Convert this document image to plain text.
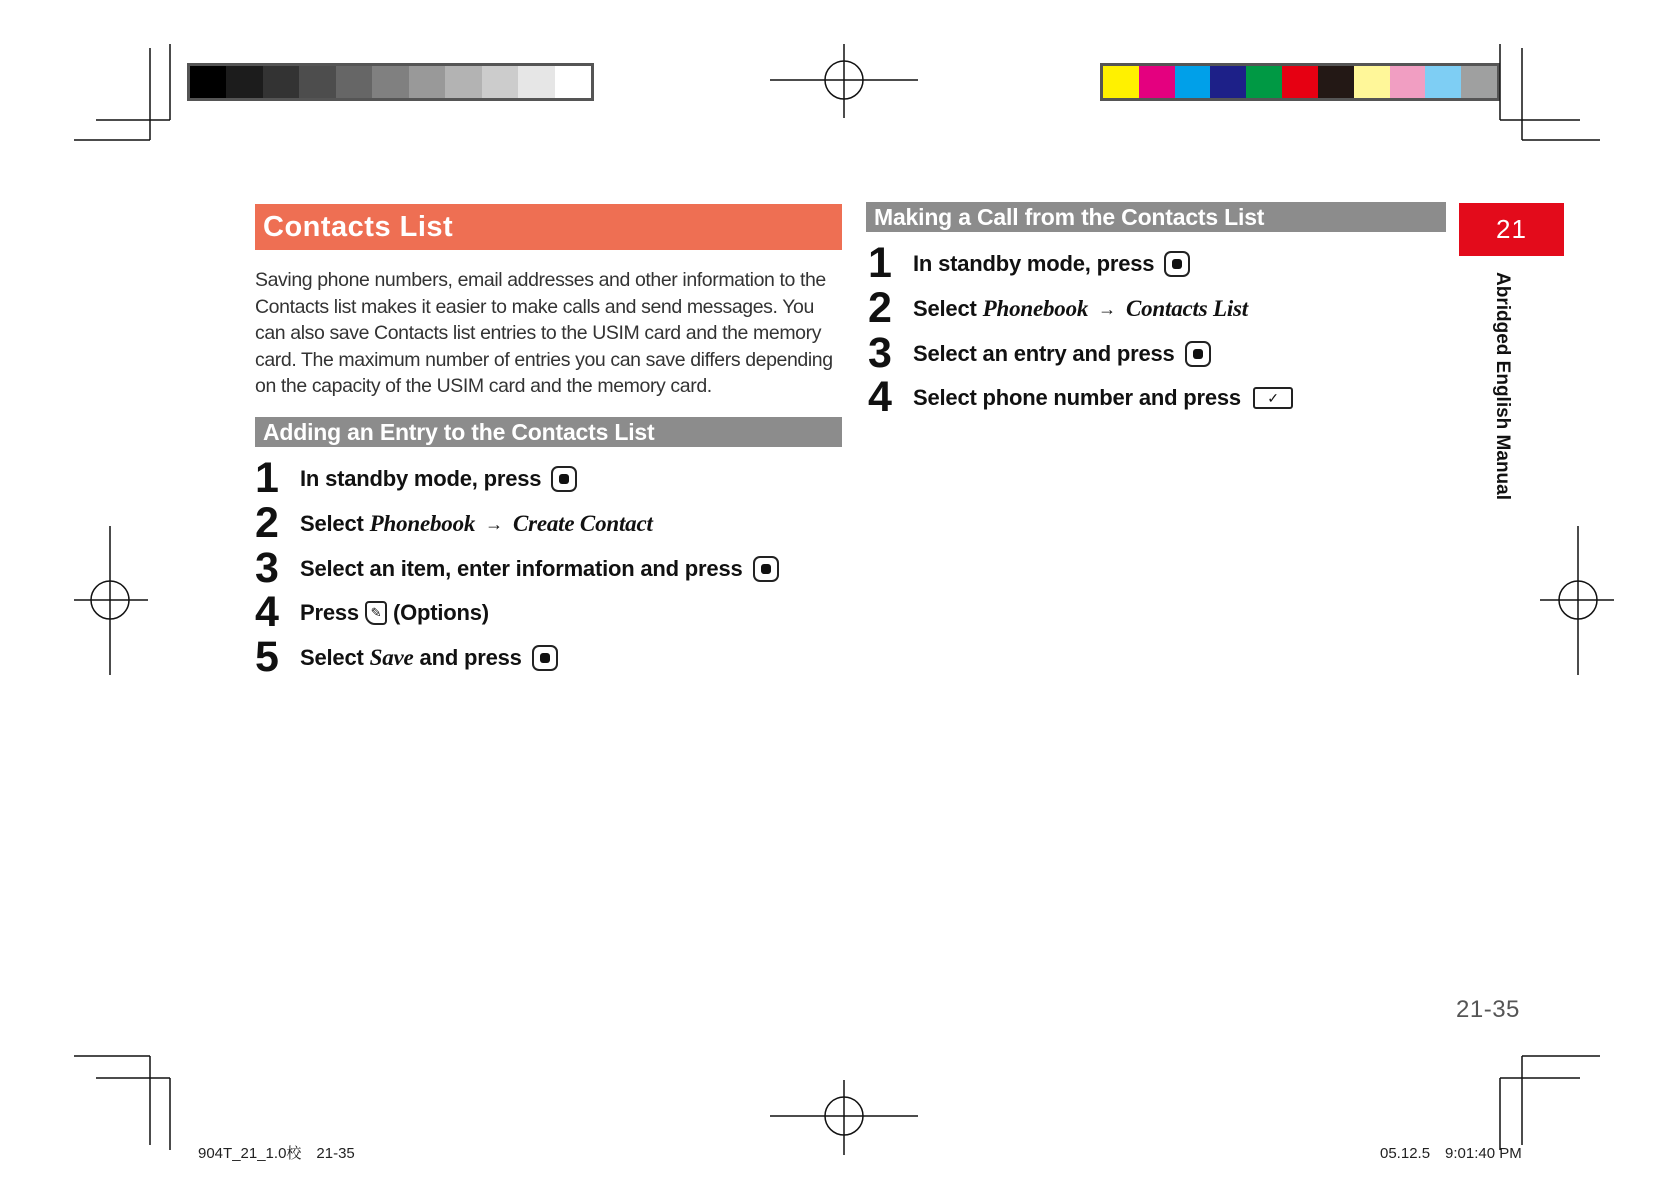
Contacts List
Saving phone numbers, email addresses and other information to the Contacts list makes it easier to make calls and send messages. You can also save Contacts list entries to the USIM card and the memory card. The maximum number of entries you can save differs depending on the capacity of the USIM card and the memory card.
Adding an Entry to the Contacts List
1 In standby mode, press
2 Select Phonebook → Create Contact
3 Select an item, enter information and press
4 Press ✎ (Options)
5 Select Save and press
Making a Call from the Contacts List
1 In standby mode, press
2 Select Phonebook → Contacts List
3 Select an entry and press
4 Select phone number and press	✓
21
Abridged English Manual
21-35
904T_21_1.0校　21-35	05.12.5　9:01:40 PM
